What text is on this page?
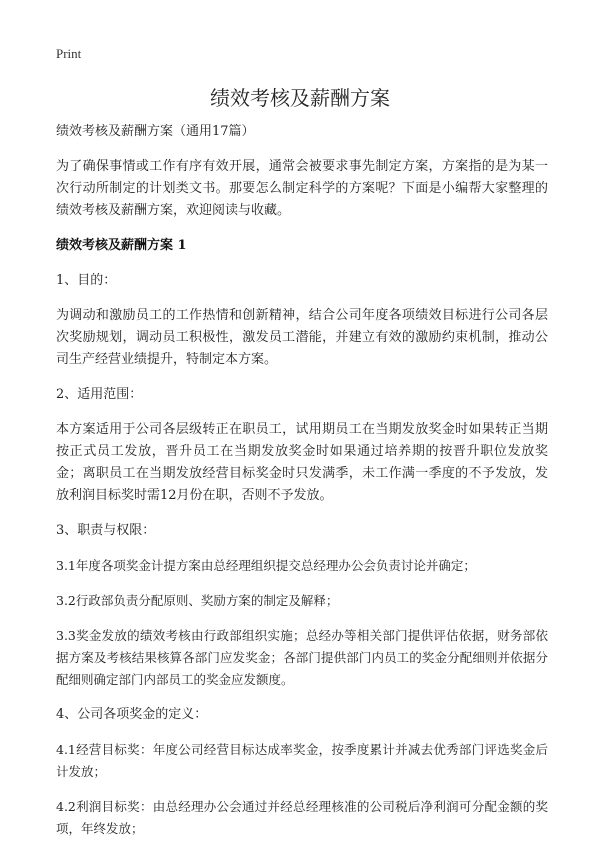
Print
绩效考核及薪酬方案

绩效考核及薪酬方案（通用17篇）

为了确保事情或工作有序有效开展，通常会被要求事先制定方案，方案指的是为某一次行动所制定的计划类文书。那要怎么制定科学的方案呢？下面是小编帮大家整理的绩效考核及薪酬方案，欢迎阅读与收藏。

绩效考核及薪酬方案 1

1、目的：

为调动和激励员工的工作热情和创新精神，结合公司年度各项绩效目标进行公司各层次奖励规划，调动员工积极性，激发员工潜能，并建立有效的激励约束机制，推动公司生产经营业绩提升，特制定本方案。

2、适用范围：

本方案适用于公司各层级转正在职员工，试用期员工在当期发放奖金时如果转正当期按正式员工发放，晋升员工在当期发放奖金时如果通过培养期的按晋升职位发放奖金；离职员工在当期发放经营目标奖金时只发满季，未工作满一季度的不予发放，发放利润目标奖时需12月份在职，否则不予发放。

3、职责与权限：

3.1年度各项奖金计提方案由总经理组织提交总经理办公会负责讨论并确定；

3.2行政部负责分配原则、奖励方案的制定及解释；

3.3奖金发放的绩效考核由行政部组织实施；总经办等相关部门提供评估依据，财务部依据方案及考核结果核算各部门应发奖金；各部门提供部门内员工的奖金分配细则并依据分配细则确定部门内部员工的奖金应发额度。

4、公司各项奖金的定义：

4.1经营目标奖：年度公司经营目标达成率奖金，按季度累计并减去优秀部门评选奖金后计发放；

4.2利润目标奖：由总经理办公会通过并经总经理核准的公司税后净利润可分配金额的奖项，年终发放；
